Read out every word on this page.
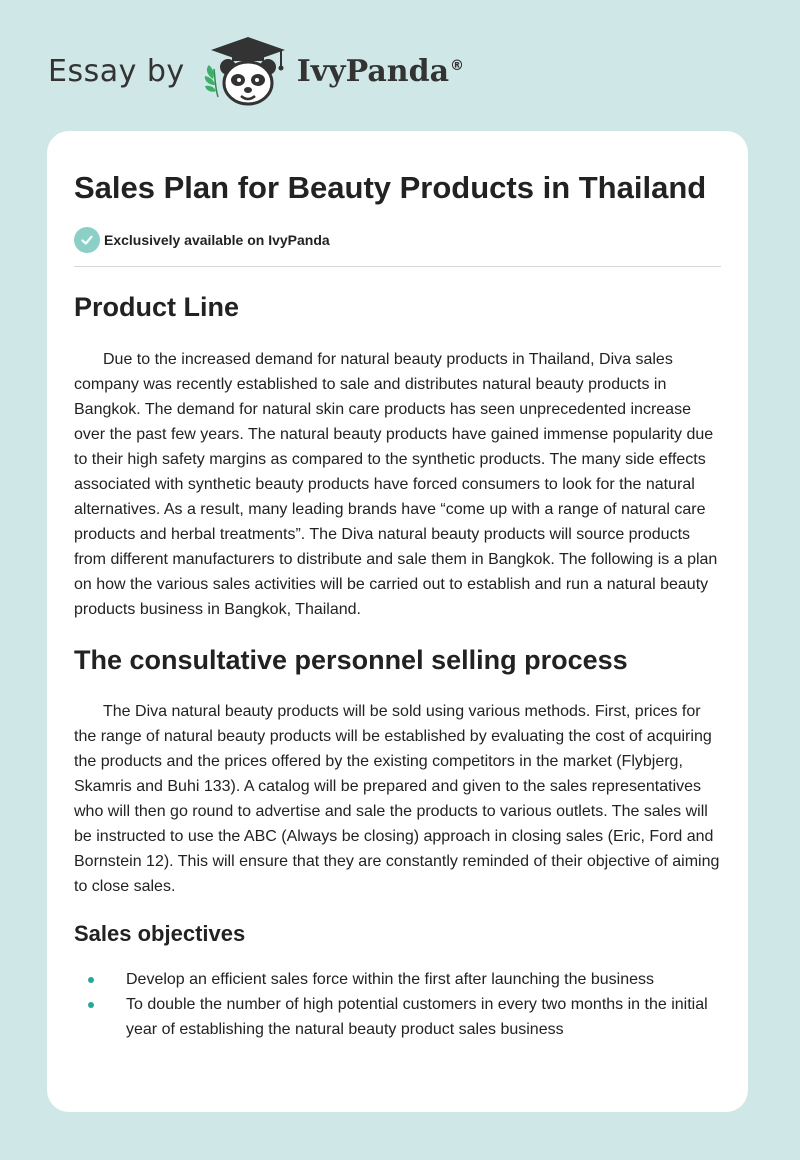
Essay by	IvyPanda®
Sales Plan for Beauty Products in Thailand
Exclusively available on IvyPanda
Product Line

Due to the increased demand for natural beauty products in Thailand, Diva sales company was recently established to sale and distributes natural beauty products in Bangkok. The demand for natural skin care products has seen unprecedented increase over the past few years. The natural beauty products have gained immense popularity due to their high safety margins as compared to the synthetic products. The many side effects associated with synthetic beauty products have forced consumers to look for the natural alternatives. As a result, many leading brands have “come up with a range of natural care products and herbal treatments”. The Diva natural beauty products will source products from different manufacturers to distribute and sale them in Bangkok. The following is a plan on how the various sales activities will be carried out to establish and run a natural beauty products business in Bangkok, Thailand.

The consultative personnel selling process

The Diva natural beauty products will be sold using various methods. First, prices for the range of natural beauty products will be established by evaluating the cost of acquiring the products and the prices offered by the existing competitors in the market (Flybjerg, Skamris and Buhi 133). A catalog will be prepared and given to the sales representatives who will then go round to advertise and sale the products to various outlets. The sales will be instructed to use the ABC (Always be closing) approach in closing sales (Eric, Ford and Bornstein 12). This will ensure that they are constantly reminded of their objective of aiming to close sales.

Sales objectives
Develop an efficient sales force within the first after launching the business
To double the number of high potential customers in every two months in the initial year of establishing the natural beauty product sales business
